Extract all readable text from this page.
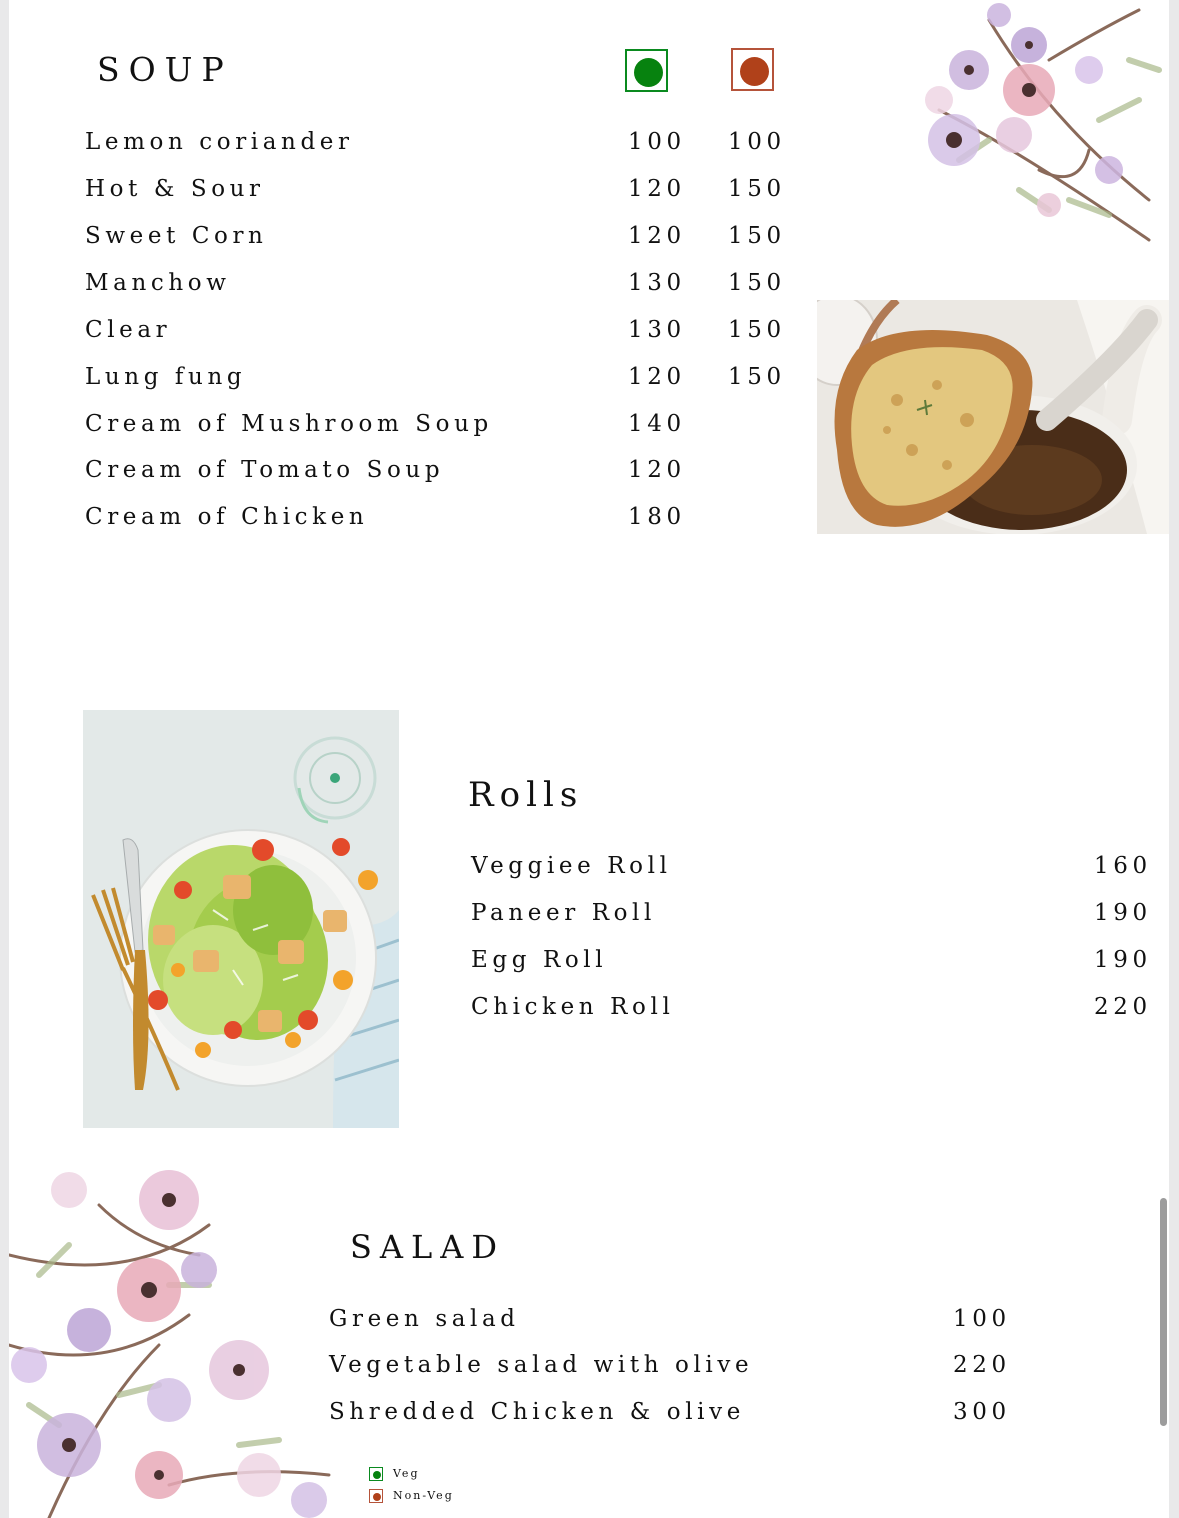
SOUP
Lemon coriander	100 100
Hot & Sour	120 150
Sweet Corn	120 150
Manchow	130 150
Clear	130 150
Lung fung	120 150
Cream of Mushroom Soup	140
Cream of Tomato Soup	120
Cream of Chicken	180
Rolls
Veggiee Roll	160
Paneer Roll	190
Egg Roll	190
Chicken Roll	220
SALAD
Green salad	100
Vegetable salad with olive	220
Shredded Chicken & olive	300
Veg
Non-Veg
